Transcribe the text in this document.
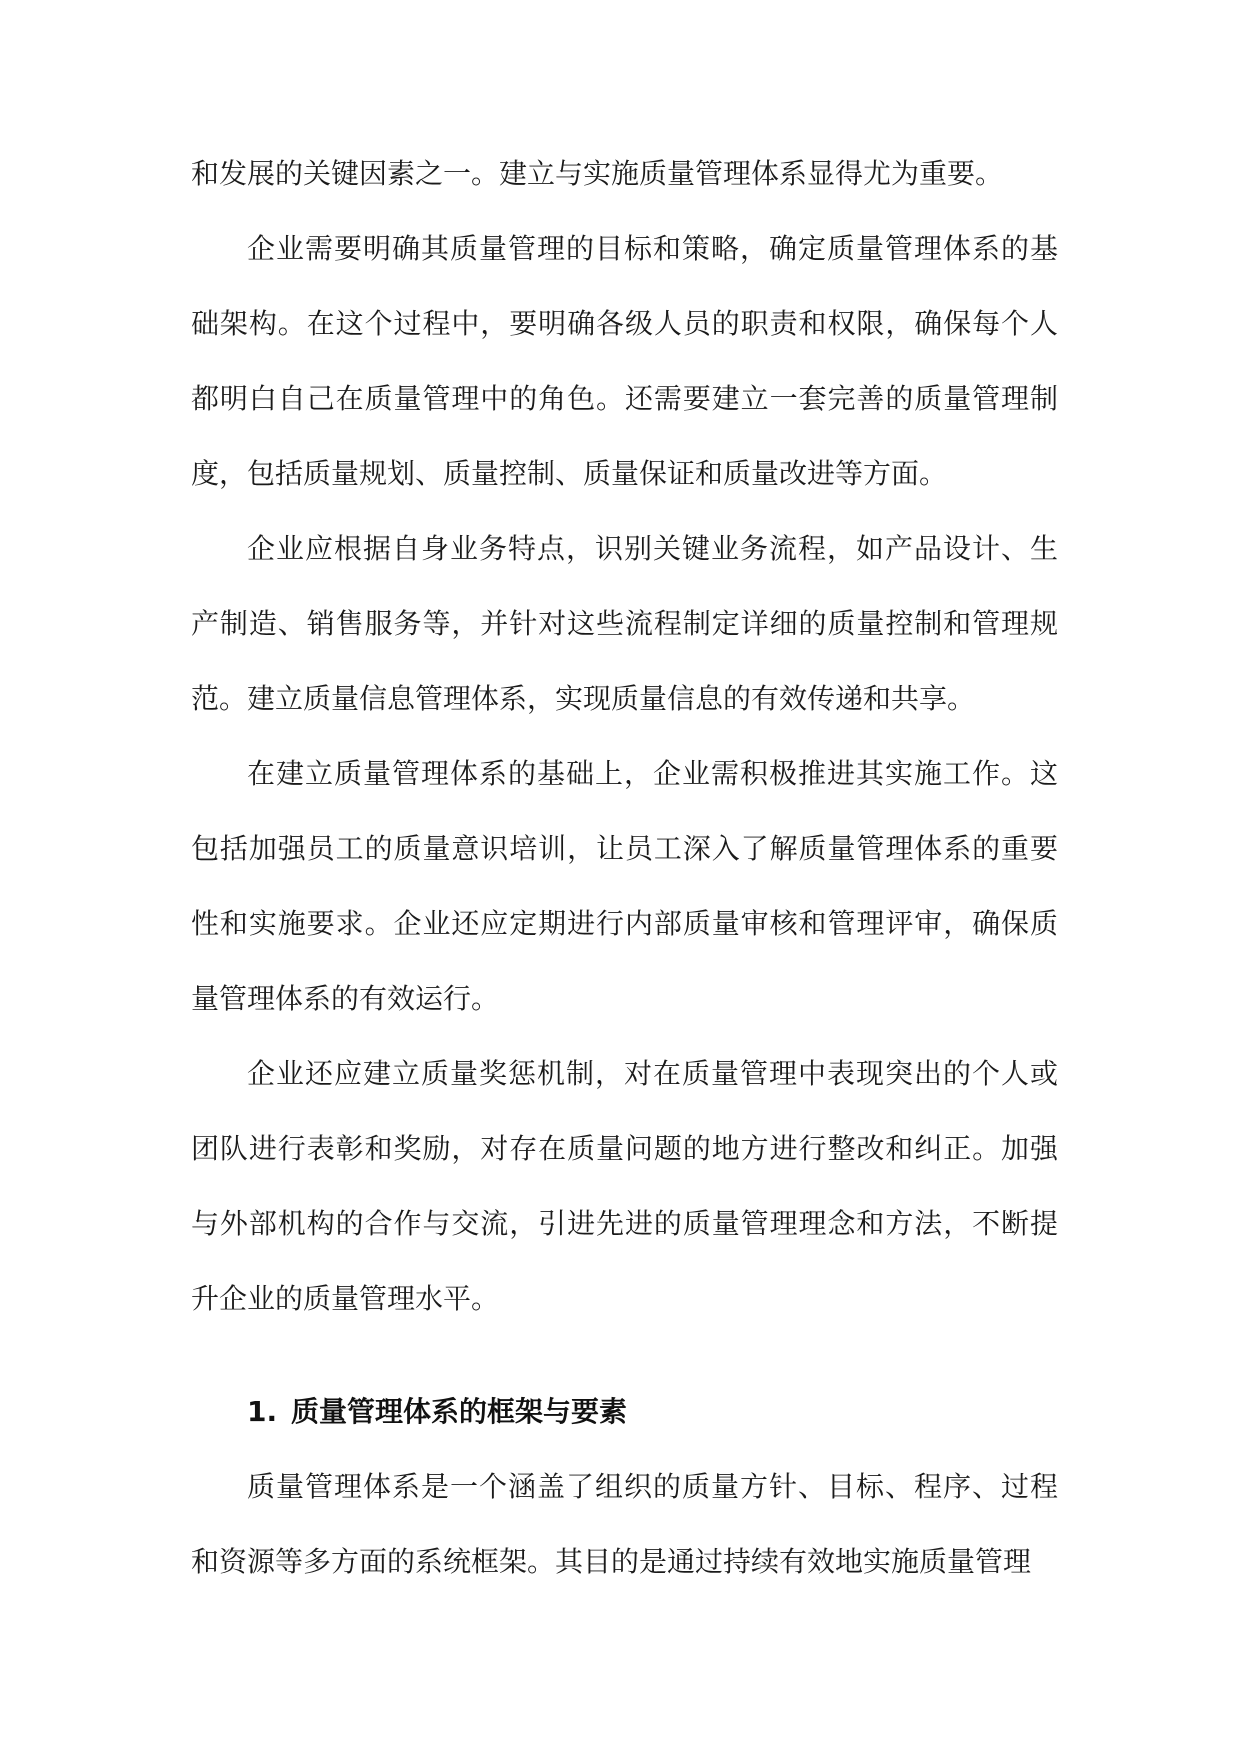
和发展的关键因素之一。建立与实施质量管理体系显得尤为重要。

企业需要明确其质量管理的目标和策略，确定质量管理体系的基础架构。在这个过程中，要明确各级人员的职责和权限，确保每个人都明白自己在质量管理中的角色。还需要建立一套完善的质量管理制度，包括质量规划、质量控制、质量保证和质量改进等方面。

企业应根据自身业务特点，识别关键业务流程，如产品设计、生产制造、销售服务等，并针对这些流程制定详细的质量控制和管理规范。建立质量信息管理体系，实现质量信息的有效传递和共享。

在建立质量管理体系的基础上，企业需积极推进其实施工作。这包括加强员工的质量意识培训，让员工深入了解质量管理体系的重要性和实施要求。企业还应定期进行内部质量审核和管理评审，确保质量管理体系的有效运行。

企业还应建立质量奖惩机制，对在质量管理中表现突出的个人或团队进行表彰和奖励，对存在质量问题的地方进行整改和纠正。加强与外部机构的合作与交流，引进先进的质量管理理念和方法，不断提升企业的质量管理水平。

1. 质量管理体系的框架与要素

质量管理体系是一个涵盖了组织的质量方针、目标、程序、过程和资源等多方面的系统框架。其目的是通过持续有效地实施质量管理
